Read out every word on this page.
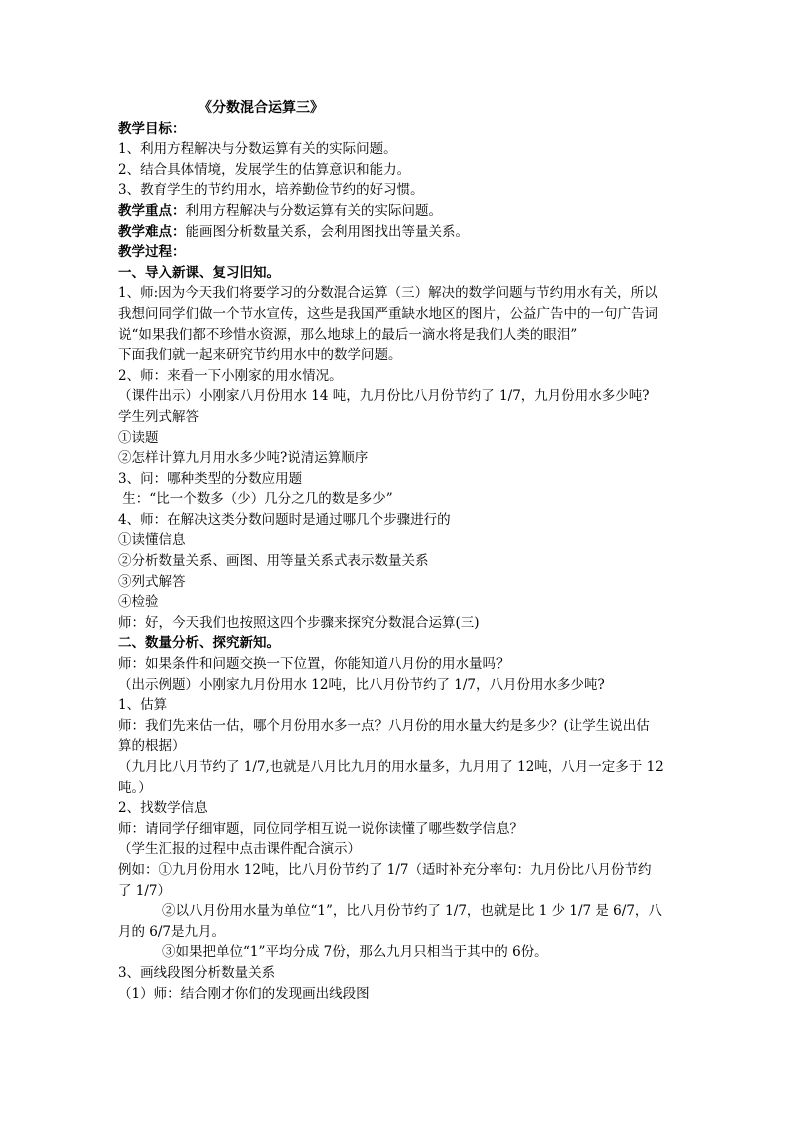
《分数混合运算三》
教学目标：
1、利用方程解决与分数运算有关的实际问题。
2、结合具体情境，发展学生的估算意识和能力。
3、教育学生的节约用水，培养勤俭节约的好习惯。
教学重点：利用方程解决与分数运算有关的实际问题。
教学难点：能画图分析数量关系，会利用图找出等量关系。
教学过程：
一、导入新课、复习旧知。
1、师:因为今天我们将要学习的分数混合运算（三）解决的数学问题与节约用水有关，所以
我想问同学们做一个节水宣传，这些是我国严重缺水地区的图片，公益广告中的一句广告词
说“如果我们都不珍惜水资源，那么地球上的最后一滴水将是我们人类的眼泪”
下面我们就一起来研究节约用水中的数学问题。
2、师：来看一下小刚家的用水情况。
（课件出示）小刚家八月份用水 14 吨，九月份比八月份节约了 1/7，九月份用水多少吨?
学生列式解答
①读题
②怎样计算九月用水多少吨?说清运算顺序
3、问：哪种类型的分数应用题
生：“比一个数多（少）几分之几的数是多少”
4、师：在解决这类分数问题时是通过哪几个步骤进行的
①读懂信息
②分析数量关系、画图、用等量关系式表示数量关系
③列式解答
④检验
师：好，今天我们也按照这四个步骤来探究分数混合运算(三)
二、数量分析、探究新知。
师：如果条件和问题交换一下位置，你能知道八月份的用水量吗？
（出示例题）小刚家九月份用水 12吨，比八月份节约了 1/7，八月份用水多少吨?
1、估算
师：我们先来估一估，哪个月份用水多一点？八月份的用水量大约是多少？(让学生说出估
算的根据）
（九月比八月节约了 1/7,也就是八月比九月的用水量多，九月用了 12吨，八月一定多于 12
吨。）
2、找数学信息
师：请同学仔细审题，同位同学相互说一说你读懂了哪些数学信息？
（学生汇报的过程中点击课件配合演示）
例如：①九月份用水 12吨，比八月份节约了 1/7（适时补充分率句：九月份比八月份节约
了 1/7）
②以八月份用水量为单位“1”，比八月份节约了 1/7，也就是比 1 少 1/7 是 6/7，八
月的 6/7是九月。
③如果把单位“1”平均分成 7份，那么九月只相当于其中的 6份。
3、画线段图分析数量关系
（1）师：结合刚才你们的发现画出线段图
